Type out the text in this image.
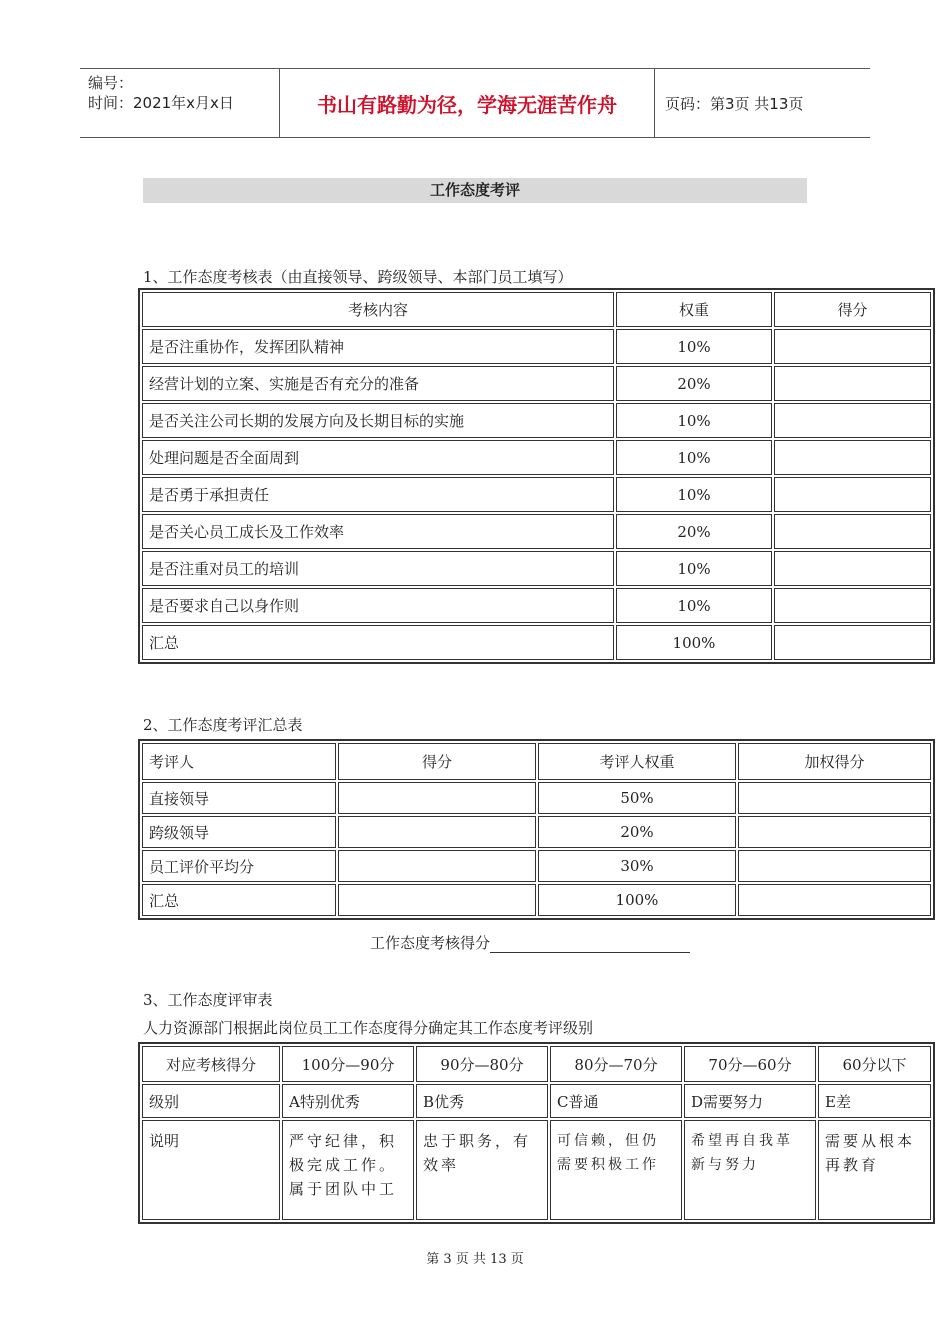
编号：
时间：2021年x月x日	书山有路勤为径，学海无涯苦作舟	页码：第3页 共13页
工作态度考评
1、工作态度考核表（由直接领导、跨级领导、本部门员工填写）
考核内容	权重	得分
是否注重协作，发挥团队精神	10%	
经营计划的立案、实施是否有充分的准备	20%	
是否关注公司长期的发展方向及长期目标的实施	10%	
处理问题是否全面周到	10%	
是否勇于承担责任	10%	
是否关心员工成长及工作效率	20%	
是否注重对员工的培训	10%	
是否要求自己以身作则	10%	
汇总	100%	
2、工作态度考评汇总表
考评人	得分	考评人权重	加权得分
直接领导		50%	
跨级领导		20%	
员工评价平均分		30%	
汇总		100%	
工作态度考核得分
3、工作态度评审表
人力资源部门根据此岗位员工工作态度得分确定其工作态度考评级别
对应考核得分	100分—90分	90分—80分	80分—70分	70分—60分	60分以下
级别	A特别优秀	B优秀	C普通	D需要努力	E差
说明	严守纪律，积极完成工作。属于团队中工	忠于职务，有效率	可信赖，但仍需要积极工作	希望再自我革新与努力	需要从根本再教育
第 3 页 共 13 页
